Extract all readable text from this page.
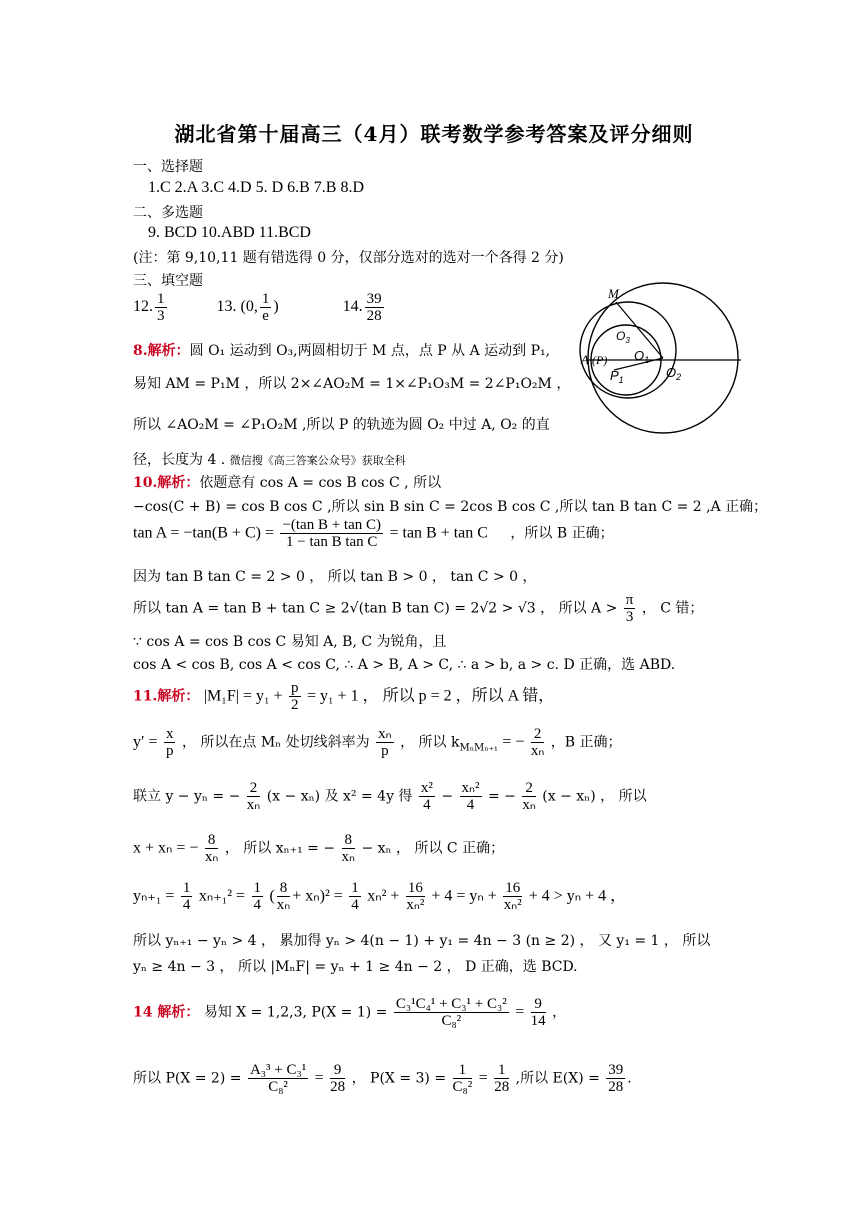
湖北省第十届高三（4月）联考数学参考答案及评分细则
一、选择题
1.C 2.A 3.C 4.D 5. D 6.B 7.B 8.D
二、多选题
9. BCD 10.ABD 11.BCD
(注：第 9,10,11 题有错选得 0 分，仅部分选对的选对一个各得 2 分)
三、填空题
12. $\frac{1}{3}$	13. (0, $\frac{1}{e}$ )	14. $\frac{39}{28}$	M
A (P)
$P_1$
$O_3$
$O_1$
$O_2$
8.解析：圆 O₁ 运动到 O₃,两圆相切于 M 点，点 P 从 A 运动到 P₁,
易知 AM = P₁M ，所以 2×∠AO₂M = 1×∠P₁O₃M = 2∠P₁O₂M ，
所以 ∠AO₂M = ∠P₁O₂M ,所以 P 的轨迹为圆 O₂ 中过 A, O₂ 的直
径，长度为 4 . 微信搜《高三答案公众号》获取全科
10.解析：依题意有 cos A = cos B cos C , 所以
−cos(C + B) = cos B cos C ,所以 sin B sin C = 2cos B cos C ,所以 tan B tan C = 2 ,A 正确；
$\tan A = -\tan(B + C) = \frac{\text{−(tan B + tan C)}}{\text{1 − tan B tan C}} = \tan B + \tan C$ ，所以 B 正确；
因为 tan B tan C = 2 > 0 ， 所以 tan B > 0 ， tan C > 0 ，
所以 tan A = tan B + tan C ≥ 2√(tan B tan C) = 2√2 > √3 ， 所以 $A > \frac{\pi}{3}$ ， C 错；
∵ cos A = cos B cos C 易知 A, B, C 为锐角，且
cos A < cos B, cos A < cos C, ∴ A > B, A > C, ∴ a > b, a > c. D 正确，选 ABD.
11.解析： $|M_1F| = y_1 + \frac{p}{2} = y_1 + 1$ ， 所以 p = 2 ，所以 A 错，
$y' = \frac{x}{p}$ ， 所以在点 Mₙ 处切线斜率为 $\frac{\text{xₙ}}{p}$ ， 所以 $k_{M_nM_{n+1}}$ = − $\frac{2}{\text{xₙ}}$ ，B 正确；
联立 y − yₙ = − $\frac{2}{\text{xₙ}} (x - x_n)$ 及 x² = 4y 得 $\frac{\text{x²}}{4} - \frac{\text{xₙ²}}{4}$ = − $\frac{2}{\text{xₙ}} (x - x_n)$ ， 所以
x + xₙ = − $\frac{8}{\text{xₙ}}$ ， 所以 xₙ₊₁ = − $\frac{8}{\text{xₙ}} - x_n$ ， 所以 C 正确；
$y_{n+1} = \frac{1}{4} x_{n+1}^2 = \frac{1}{4}$ ( $\frac{8}{\text{xₙ}} + x_n)^2 = \frac{1}{4} x_n^2 + \frac{16}{\text{xₙ²}} + 4 = y_n + \frac{16}{\text{xₙ²}} + 4 > y_n + 4$ ，
所以 yₙ₊₁ − yₙ > 4 ， 累加得 yₙ > 4(n − 1) + y₁ = 4n − 3 (n ≥ 2) ， 又 y₁ = 1 ， 所以
yₙ ≥ 4n − 3 ， 所以 |MₙF| = yₙ + 1 ≥ 4n − 2 ， D 正确，选 BCD.
14 解析： 易知 X = 1,2,3, $P(X = 1) = \frac{\text{C₃¹C₄¹ + C₃¹ + C₃²}}{\text{C₈²}} = \frac{9}{14}$ ，
所以 $P(X = 2) = \frac{\text{A₃³ + C₃¹}}{\text{C₈²}} = \frac{9}{28}$ ， $P(X = 3) = \frac{1}{\text{C₈²}} = \frac{1}{28}$ ,所以 $E(X) = \frac{39}{28}$ .
